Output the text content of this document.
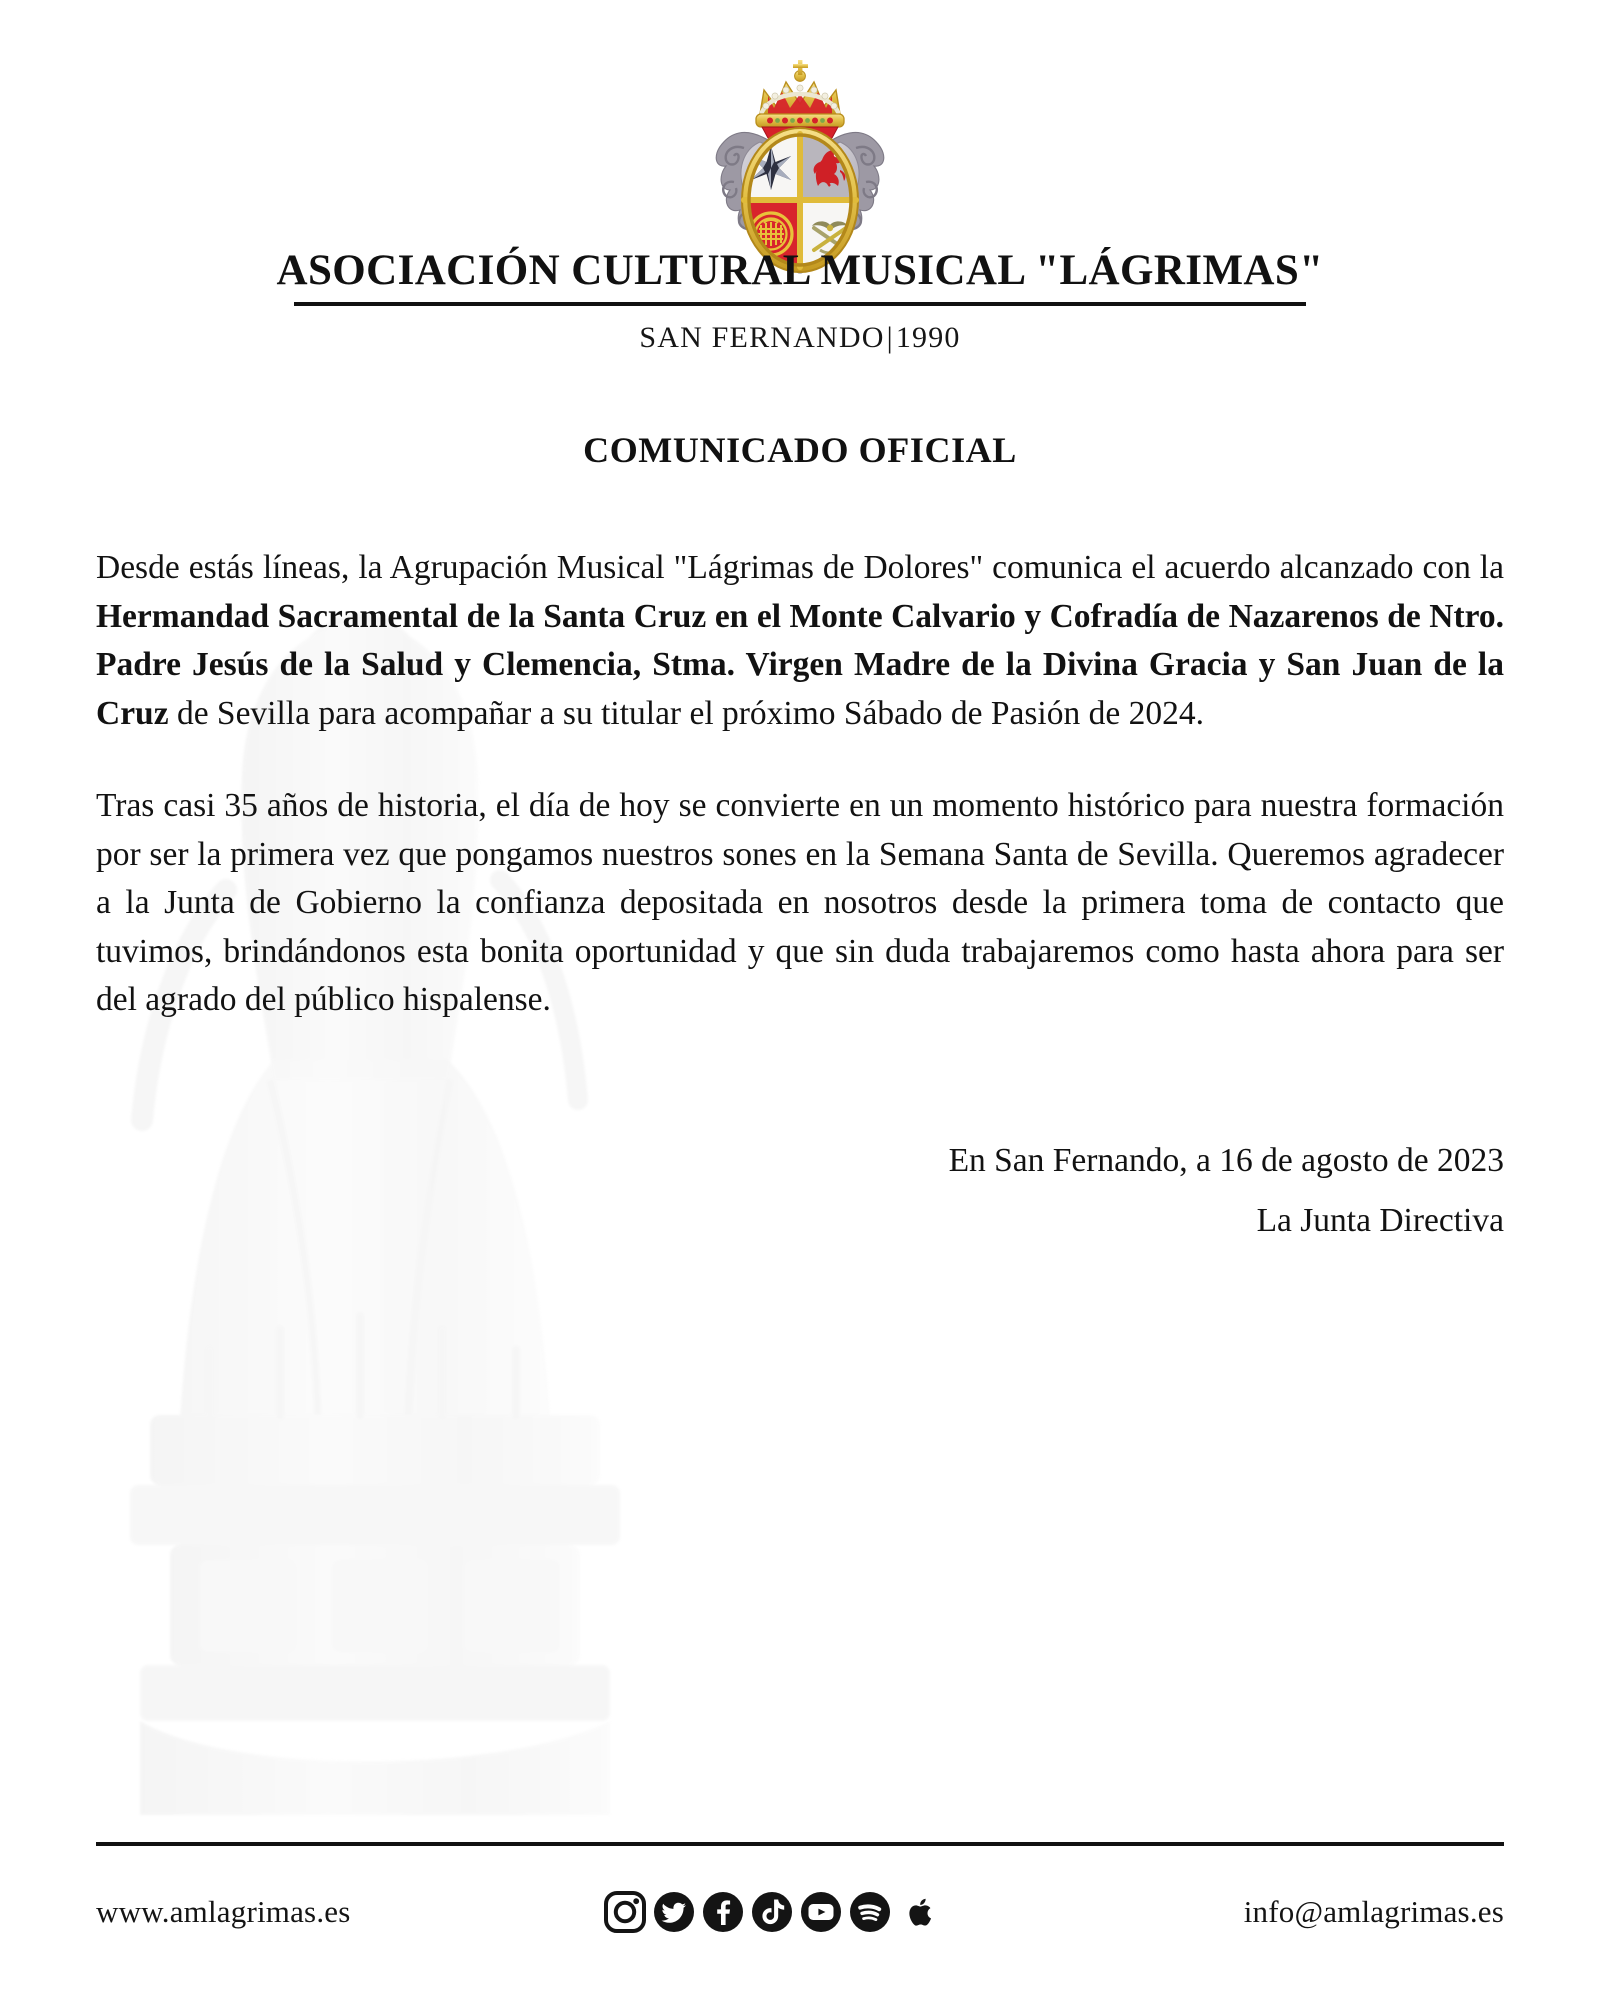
ASOCIACIÓN CULTURAL MUSICAL "LÁGRIMAS"
SAN FERNANDO|1990
COMUNICADO OFICIAL

Desde estás líneas, la Agrupación Musical "Lágrimas de Dolores" comunica el acuerdo alcanzado con la Hermandad Sacramental de la Santa Cruz en el Monte Calvario y Cofradía de Nazarenos de Ntro. Padre Jesús de la Salud y Clemencia, Stma. Virgen Madre de la Divina Gracia y San Juan de la Cruz de Sevilla para acompañar a su titular el próximo Sábado de Pasión de 2024.

Tras casi 35 años de historia, el día de hoy se convierte en un momento histórico para nuestra formación por ser la primera vez que pongamos nuestros sones en la Semana Santa de Sevilla. Queremos agradecer a la Junta de Gobierno la confianza depositada en nosotros desde la primera toma de contacto que tuvimos, brindándonos esta bonita oportunidad y que sin duda trabajaremos como hasta ahora para ser del agrado del público hispalense.

En San Fernando, a 16 de agosto de 2023
La Junta Directiva
www.amlagrimas.es	info@amlagrimas.es
